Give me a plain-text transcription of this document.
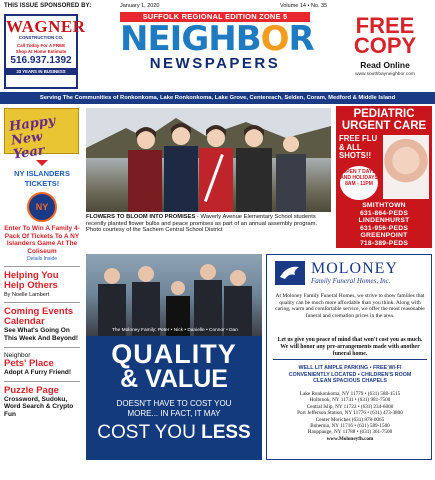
THIS ISSUE SPONSORED BY:
WAGNER
CONSTRUCTION CO.
Call Today For A FREE
Shop At Home Estimate
516.937.1392
33 YEARS IN BUSINESS
January 1, 2020	Volume 14 • No. 35
SUFFOLK REGIONAL EDITION ZONE 5
NEIGHBOR
NEWSPAPERS
FREE
COPY
Read Online
www.southbayneighbor.com
Serving The Communities of Ronkonkoma, Lake Ronkonkoma, Lake Grove, Centereach, Selden, Coram, Medford & Middle Island
Happy
New Year
NY ISLANDERS TICKETS!
NY
Enter To Win A Family 4-Pack Of Tickets To A NY Islanders Game At The Coliseum
Details Inside
Helping You Help Others
By Noelle Lambert
Coming Events Calendar
See What's Going On This Week And Beyond!
Neighbor
Pets' Place
Adopt A Furry Friend!
Puzzle Page
Crossword, Sudoku, Word Search & Crypto Fun
FLOWERS TO BLOOM INTO PROMISES - Waverly Avenue Elementary School students recently planted flower bulbs and peace promises as part of an annual assembly program. Photo courtesy of the Sachem Central School District
PEDIATRIC URGENT CARE
FREE FLU & ALL SHOTS!!
OPEN 7 DAYS AND HOLIDAYS 8AM - 11PM
SMITHTOWN
631-864-PEDS
LINDENHURST
631-956-PEDS
GREENPOINT
718-389-PEDS
The Moloney Family: Peter • Nick • Danielle • Connor • Dan
QUALITY
& VALUE
DOESN'T HAVE TO COST YOU
MORE... IN FACT, IT MAY
COST YOU LESS
MOLONEY
Family Funeral Homes, Inc.
At Moloney Family Funeral Homes, we strive to show families that quality can be much more affordable than you think. Along with caring, warm and comfortable service, we offer the most reasonable funeral and cremation prices in the area.
Let us give you peace of mind that won't cost you as much. We will honor any pre-arrangements made with another funeral home.
WELL LIT AMPLE PARKING • FREE WI-FI
CONVENIENTLY LOCATED • CHILDREN'S ROOM
CLEAN SPACIOUS CHAPELS
Lake Ronkonkoma, NY 11779 • (631) 588-1515
Holbrook, NY 11741 • (631) 981-7500
Central Islip, NY 11722 • (631) 234-6000
Port Jefferson Station, NY 11776 • (631) 473-3800
Center Moriches (631) 878-0065
Bohemia, NY 11716 • (631) 589-1500
Hauppauge, NY 11788 • (631) 361-7500
www.Moloneyfh.com
